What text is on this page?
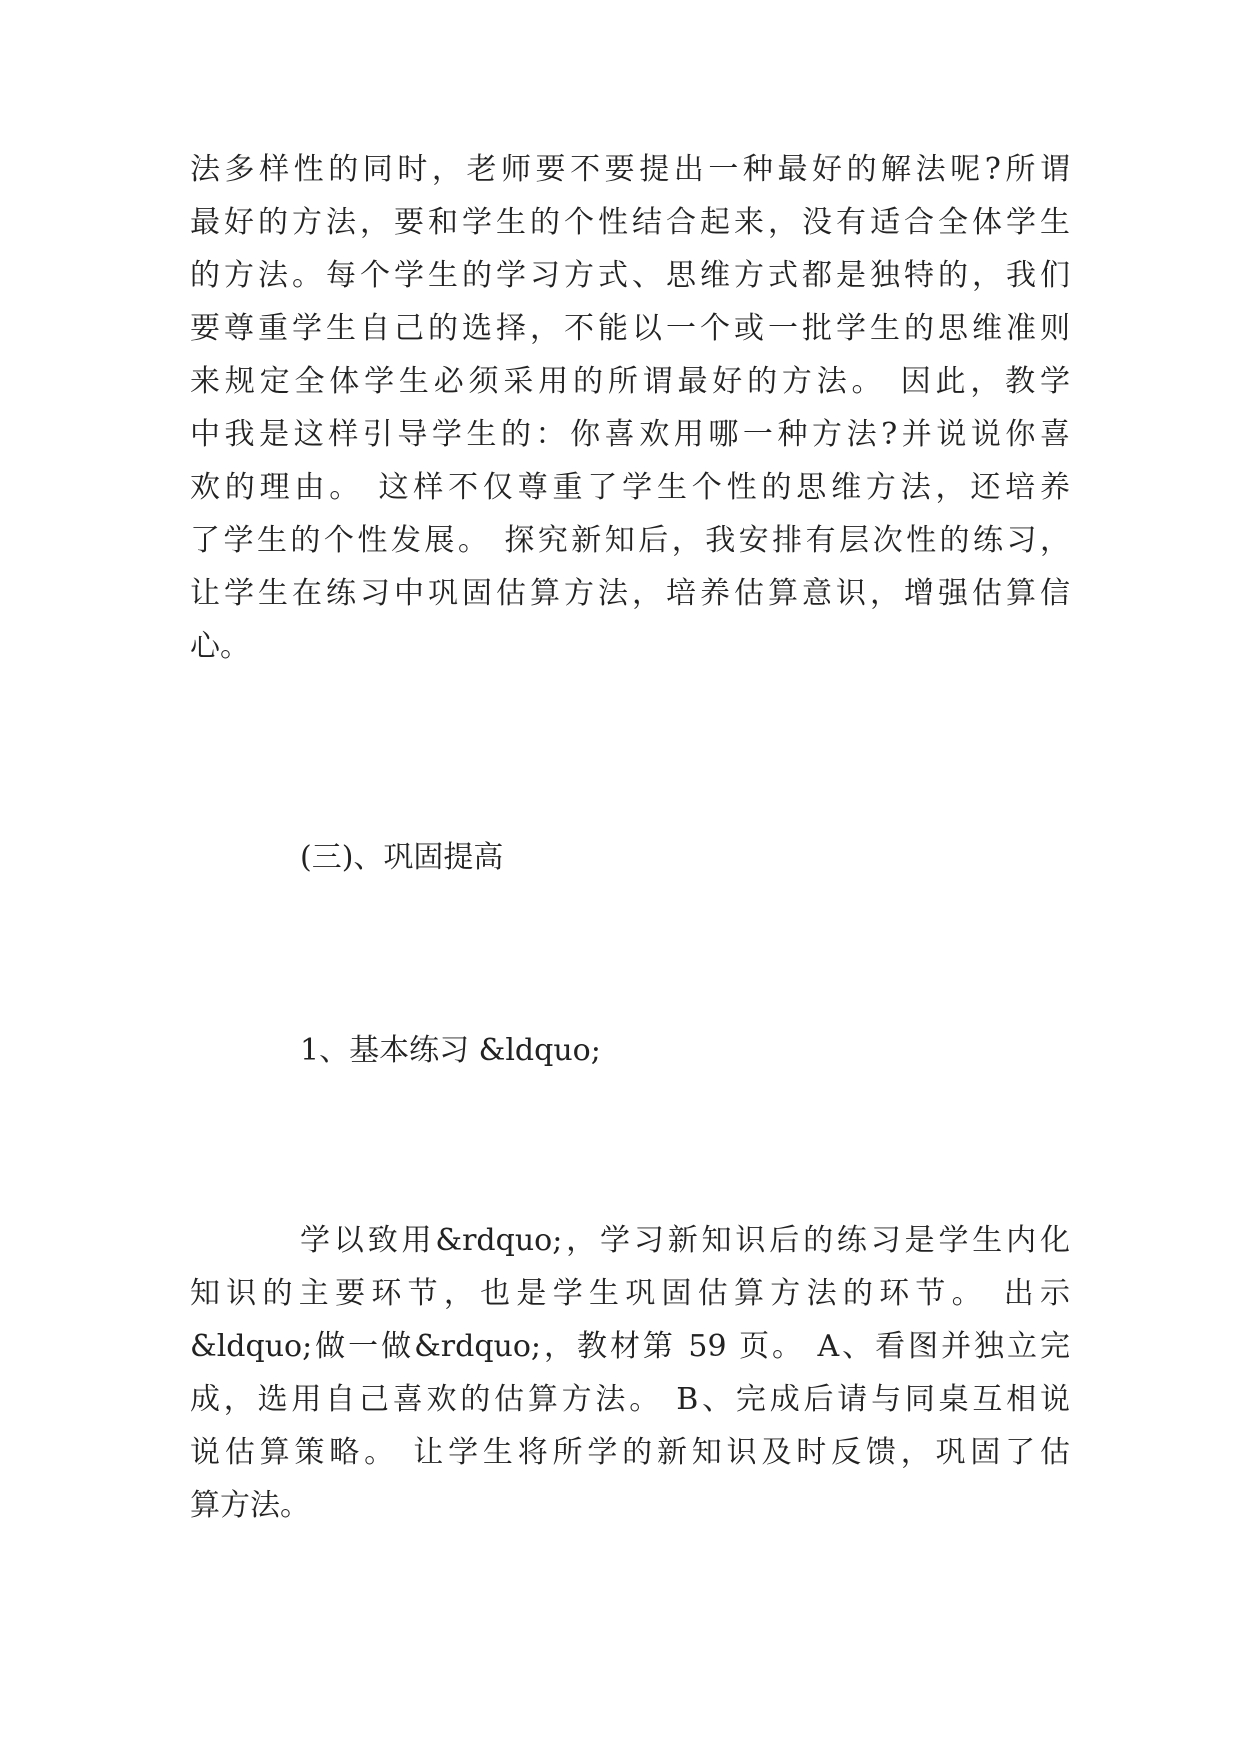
法多样性的同时，老师要不要提出一种最好的解法呢?所谓
最好的方法，要和学生的个性结合起来，没有适合全体学生
的方法。每个学生的学习方式、思维方式都是独特的，我们
要尊重学生自己的选择，不能以一个或一批学生的思维准则
来规定全体学生必须采用的所谓最好的方法。 因此，教学
中我是这样引导学生的：你喜欢用哪一种方法?并说说你喜
欢的理由。 这样不仅尊重了学生个性的思维方法，还培养
了学生的个性发展。 探究新知后，我安排有层次性的练习，
让学生在练习中巩固估算方法，培养估算意识，增强估算信
心。
(三)、巩固提高
1、基本练习 &ldquo;
学以致用&rdquo;，学习新知识后的练习是学生内化
知识的主要环节，也是学生巩固估算方法的环节。 出示
&ldquo;做一做&rdquo;，教材第 59 页。 A、看图并独立完
成，选用自己喜欢的估算方法。 B、完成后请与同桌互相说
说估算策略。 让学生将所学的新知识及时反馈，巩固了估
算方法。
